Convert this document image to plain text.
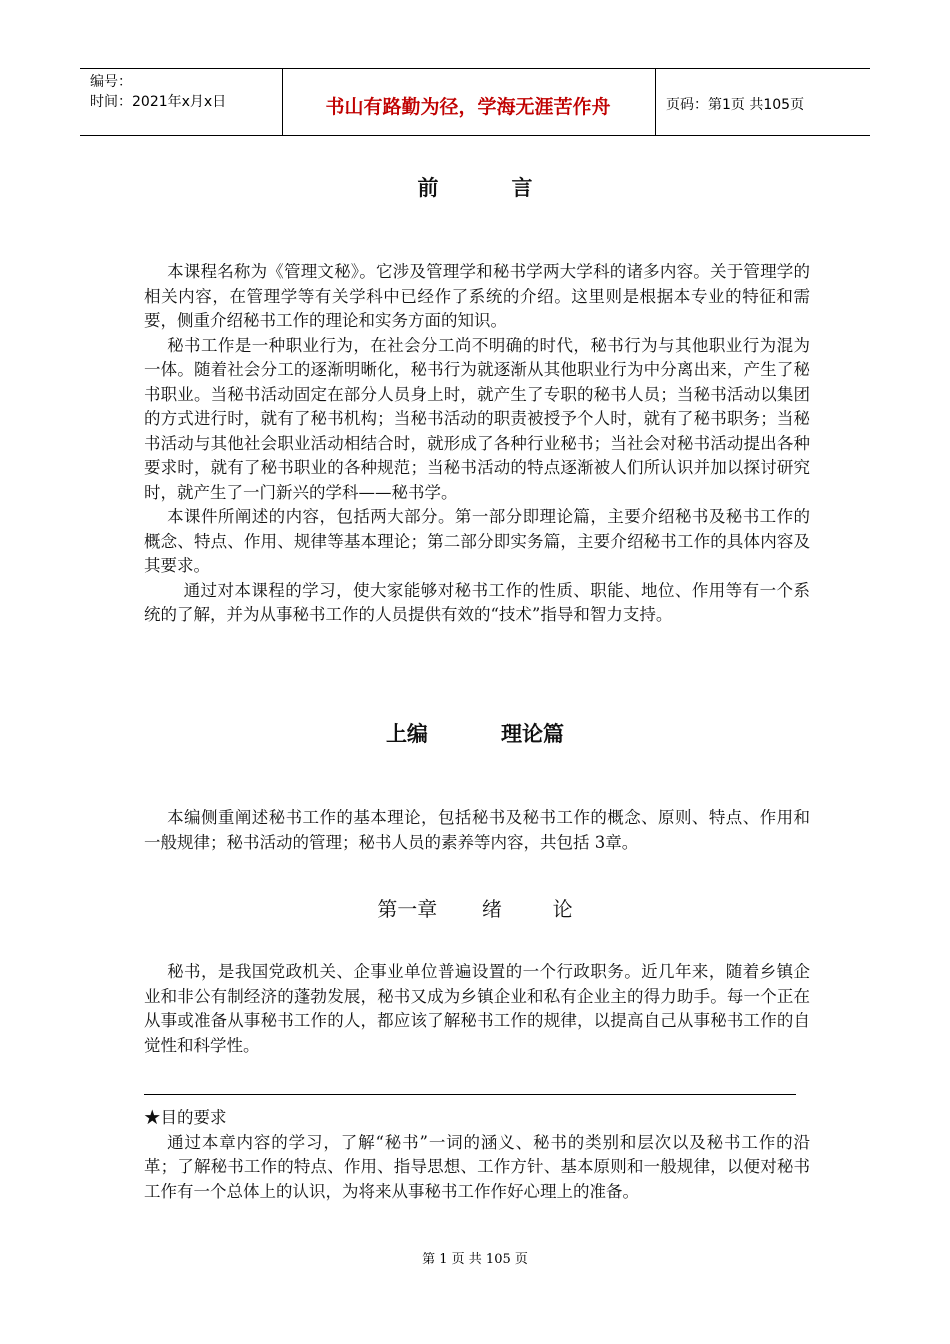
编号：
时间：2021年x月x日	书山有路勤为径，学海无涯苦作舟	页码：第1页 共105页
前          言

本课程名称为《管理文秘》。它涉及管理学和秘书学两大学科的诸多内容。关于管理学的相关内容，在管理学等有关学科中已经作了系统的介绍。这里则是根据本专业的特征和需要，侧重介绍秘书工作的理论和实务方面的知识。

秘书工作是一种职业行为，在社会分工尚不明确的时代，秘书行为与其他职业行为混为一体。随着社会分工的逐渐明晰化，秘书行为就逐渐从其他职业行为中分离出来，产生了秘书职业。当秘书活动固定在部分人员身上时，就产生了专职的秘书人员；当秘书活动以集团的方式进行时，就有了秘书机构；当秘书活动的职责被授予个人时，就有了秘书职务；当秘书活动与其他社会职业活动相结合时，就形成了各种行业秘书；当社会对秘书活动提出各种要求时，就有了秘书职业的各种规范；当秘书活动的特点逐渐被人们所认识并加以探讨研究时，就产生了一门新兴的学科——秘书学。

本课件所阐述的内容，包括两大部分。第一部分即理论篇，主要介绍秘书及秘书工作的概念、特点、作用、规律等基本理论；第二部分即实务篇，主要介绍秘书工作的具体内容及其要求。

通过对本课程的学习，使大家能够对秘书工作的性质、职能、地位、作用等有一个系统的了解，并为从事秘书工作的人员提供有效的“技术”指导和智力支持。

上编          理论篇

本编侧重阐述秘书工作的基本理论，包括秘书及秘书工作的概念、原则、特点、作用和一般规律；秘书活动的管理；秘书人员的素养等内容，共包括 3章。

第一章       绪        论

秘书，是我国党政机关、企事业单位普遍设置的一个行政职务。近几年来，随着乡镇企业和非公有制经济的蓬勃发展，秘书又成为乡镇企业和私有企业主的得力助手。每一个正在从事或准备从事秘书工作的人，都应该了解秘书工作的规律，以提高自己从事秘书工作的自觉性和科学性。

★目的要求

通过本章内容的学习，了解“秘书”一词的涵义、秘书的类别和层次以及秘书工作的沿革；了解秘书工作的特点、作用、指导思想、工作方针、基本原则和一般规律，以便对秘书工作有一个总体上的认识，为将来从事秘书工作作好心理上的准备。

第 1 页 共 105 页
